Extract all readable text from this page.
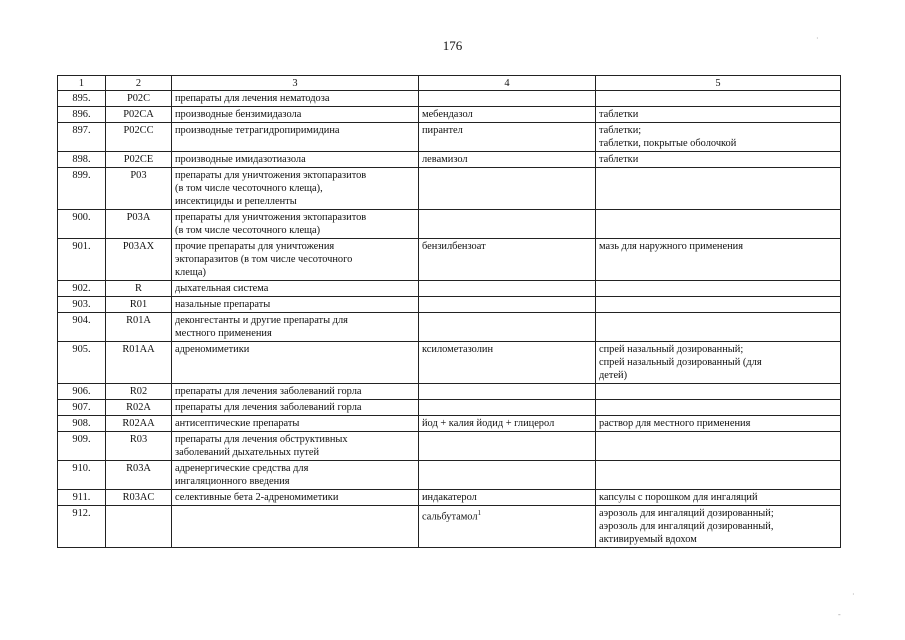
176	·
·
-
1	2	3	4	5
895.	P02C	препараты для лечения нематодоза		
896.	P02CA	производные бензимидазола	мебендазол	таблетки
897.	P02CC	производные тетрагидропиримидина	пирантел	таблетки;
таблетки, покрытые оболочкой
898.	P02CE	производные имидазотиазола	левамизол	таблетки
899.	P03	препараты для уничтожения эктопаразитов
(в том числе чесоточного клеща),
инсектициды и репелленты		
900.	P03A	препараты для уничтожения эктопаразитов
(в том числе чесоточного клеща)		
901.	P03AX	прочие препараты для уничтожения
эктопаразитов (в том числе чесоточного
клеща)	бензилбензоат	мазь для наружного применения
902.	R	дыхательная система		
903.	R01	назальные препараты		
904.	R01A	деконгестанты и другие препараты для
местного применения		
905.	R01AA	адреномиметики	ксилометазолин	спрей назальный дозированный;
спрей назальный дозированный (для
детей)
906.	R02	препараты для лечения заболеваний горла		
907.	R02A	препараты для лечения заболеваний горла		
908.	R02AA	антисептические препараты	йод + калия йодид + глицерол	раствор для местного применения
909.	R03	препараты для лечения обструктивных
заболеваний дыхательных путей		
910.	R03A	адренергические средства для
ингаляционного введения		
911.	R03AC	селективные бета 2-адреномиметики	индакатерол	капсулы с порошком для ингаляций
912.			сальбутамол$^1$	аэрозоль для ингаляций дозированный;
аэрозоль для ингаляций дозированный,
активируемый вдохом
